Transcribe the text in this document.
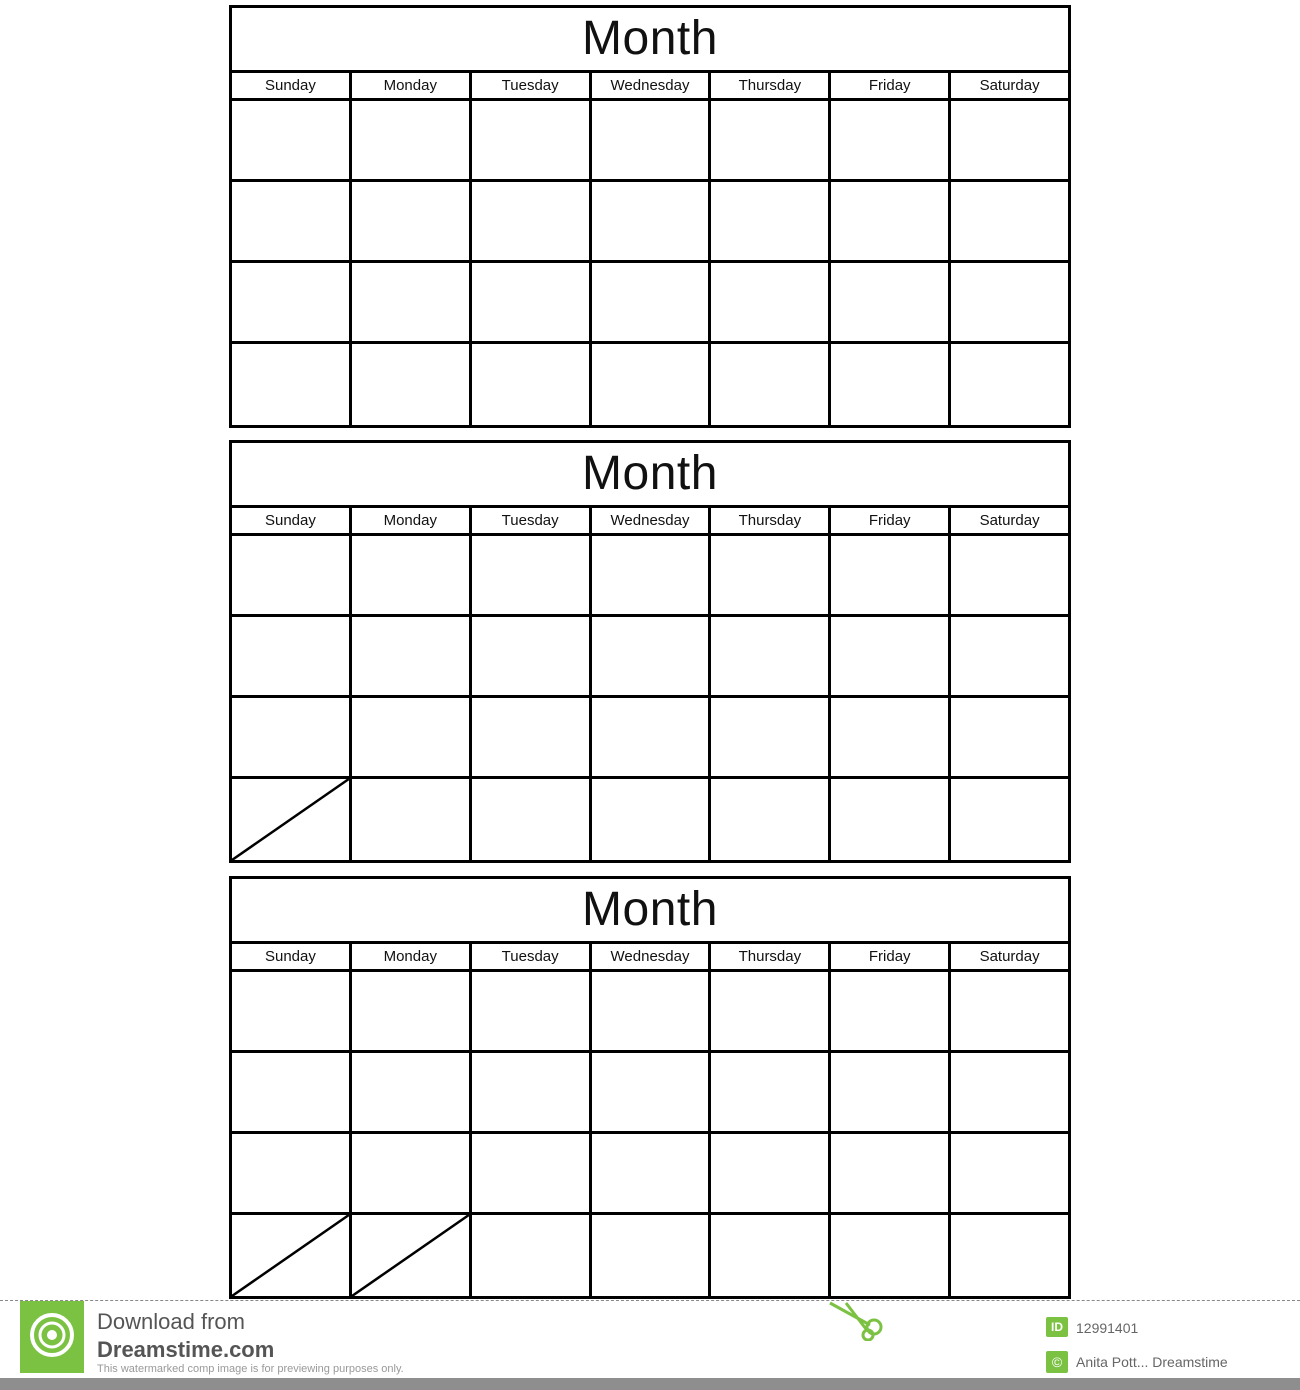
Month
Sunday	Monday	Tuesday	Wednesday	Thursday	Friday	Saturday
Month
Sunday	Monday	Tuesday	Wednesday	Thursday	Friday	Saturday
Month
Sunday	Monday	Tuesday	Wednesday	Thursday	Friday	Saturday
Download from
Dreamstime.com
This watermarked comp image is for previewing purposes only.
ID 12991401
© Anita Pott... Dreamstime
